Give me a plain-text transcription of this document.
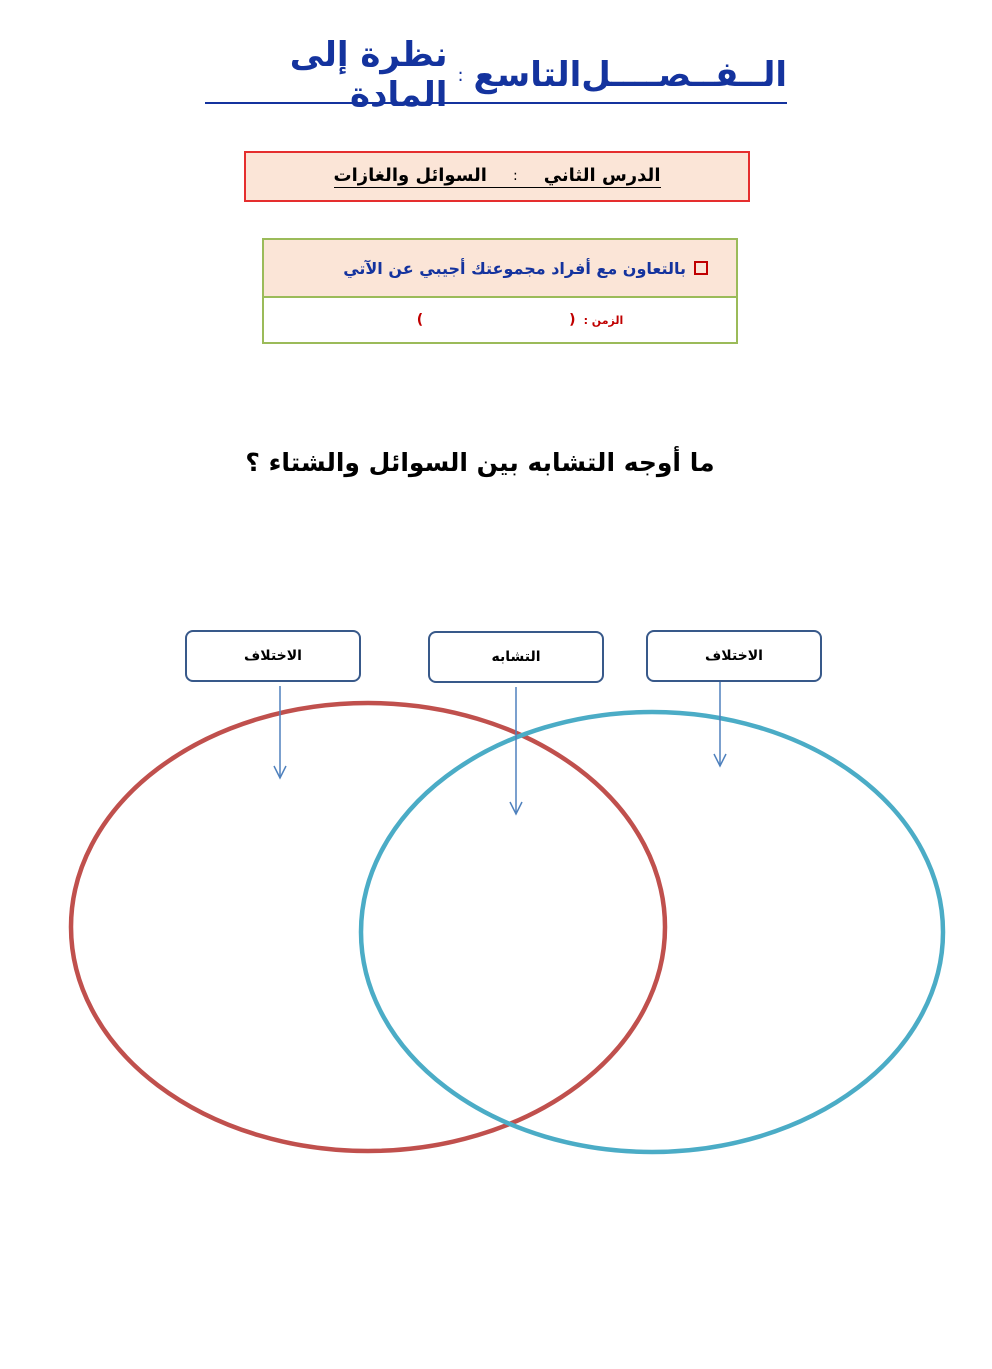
الــفــصــــل
التاسع
:
نظرة إلى المادة
الدرس الثاني
:
السوائل والغازات
بالتعاون مع أفراد مجموعتك أجيبي عن الآتي
الزمن :
(
)
ما أوجه التشابه بين السوائل والشتاء ؟
الاختلاف	التشابه	الاختلاف
